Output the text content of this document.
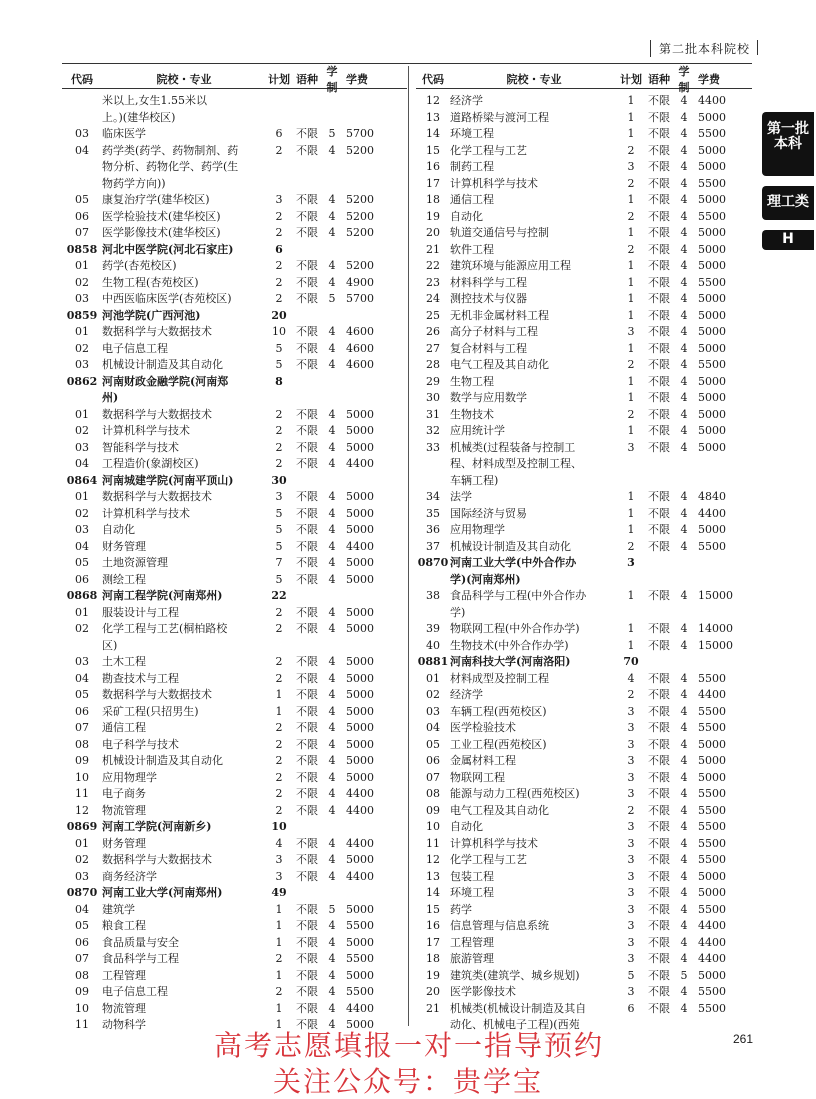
第二批本科院校
代码	院校・专业	计划 语种
学制
学费
米以上,女生1.55米以
上。)(建华校区)
03	临床医学	6	不限 5 5700
04	药学类(药学、药物制剂、药
物分析、药物化学、药学(生
物药学方向))
2	不限 4 5200
05	康复治疗学(建华校区)	3	不限 4 5200
06	医学检验技术(建华校区)	2	不限 4 5200
07	医学影像技术(建华校区)	2	不限 4 5200
0858 河北中医学院(河北石家庄)	6
01	药学(杏苑校区)	2	不限 4 5200
02	生物工程(杏苑校区)	2	不限 4 4900
03	中西医临床医学(杏苑校区)	2	不限 5 5700
0859 河池学院(广西河池)	20
01	数据科学与大数据技术	10 不限 4 4600
02	电子信息工程	5	不限 4 4600
03	机械设计制造及其自动化	5	不限 4 4600
0862 河南财政金融学院(河南郑
州)
8
01	数据科学与大数据技术	2	不限 4 5000
02	计算机科学与技术	2	不限 4 5000
03	智能科学与技术	2	不限 4 5000
04	工程造价(象湖校区)	2	不限 4 4400
0864 河南城建学院(河南平顶山)	30
01	数据科学与大数据技术	3	不限 4 5000
02	计算机科学与技术	5	不限 4 5000
03	自动化	5	不限 4 5000
04	财务管理	5	不限 4 4400
05	土地资源管理	7	不限 4 5000
06	测绘工程	5	不限 4 5000
0868 河南工程学院(河南郑州)	22
01	服装设计与工程	2	不限 4 5000
02	化学工程与工艺(桐柏路校
区)
2	不限 4 5000
03	土木工程	2	不限 4 5000
04	勘查技术与工程	2	不限 4 5000
05	数据科学与大数据技术	1	不限 4 5000
06	采矿工程(只招男生)	1	不限 4 5000
07	通信工程	2	不限 4 5000
08	电子科学与技术	2	不限 4 5000
09	机械设计制造及其自动化	2	不限 4 5000
10	应用物理学	2	不限 4 5000
11	电子商务	2	不限 4 4400
12	物流管理	2	不限 4 4400
0869 河南工学院(河南新乡)	10
01	财务管理	4	不限 4 4400
02	数据科学与大数据技术	3	不限 4 5000
03	商务经济学	3	不限 4 4400
0870 河南工业大学(河南郑州)	49
04	建筑学	1	不限 5 5000
05	粮食工程	1	不限 4 5500
06	食品质量与安全	1	不限 4 5000
07	食品科学与工程	2	不限 4 5500
08	工程管理	1	不限 4 5000
09	电子信息工程	2	不限 4 5500
10	物流管理	1	不限 4 4400
11	动物科学	1	不限 4 5000
代码	院校・专业	计划 语种
学制
学费
12 经济学	1	不限 4 4400
13 道路桥梁与渡河工程	1	不限 4 5000
14 环境工程	1	不限 4 5500
15 化学工程与工艺	2	不限 4 5000
16 制药工程	3	不限 4 5000
17 计算机科学与技术	2	不限 4 5500
18 通信工程	1	不限 4 5000
19 自动化	2	不限 4 5500
20 轨道交通信号与控制	1	不限 4 5000
21 软件工程	2	不限 4 5000
22 建筑环境与能源应用工程	1	不限 4 5000
23 材料科学与工程	1	不限 4 5500
24 测控技术与仪器	1	不限 4 5000
25 无机非金属材料工程	1	不限 4 5000
26 高分子材料与工程	3	不限 4 5000
27 复合材料与工程	1	不限 4 5000
28 电气工程及其自动化	2	不限 4 5500
29 生物工程	1	不限 4 5000
30 数学与应用数学	1	不限 4 5000
31 生物技术	2	不限 4 5000
32 应用统计学	1	不限 4 5000
33 机械类(过程装备与控制工
程、材料成型及控制工程、
车辆工程)
3	不限 4 5000
34 法学	1	不限 4 4840
35 国际经济与贸易	1	不限 4 4400
36 应用物理学	1	不限 4 5000
37 机械设计制造及其自动化	2	不限 4 5500
0870 河南工业大学(中外合作办
学)(河南郑州)
3
38 食品科学与工程(中外合作办
学)
1	不限 4 15000
39 物联网工程(中外合作办学)	1	不限 4 14000
40 生物技术(中外合作办学)	1	不限 4 15000
0881 河南科技大学(河南洛阳)	70
01 材料成型及控制工程	4	不限 4 5500
02 经济学	2	不限 4 4400
03 车辆工程(西苑校区)	3	不限 4 5500
04 医学检验技术	3	不限 4 5500
05 工业工程(西苑校区)	3	不限 4 5000
06 金属材料工程	3	不限 4 5000
07 物联网工程	3	不限 4 5000
08 能源与动力工程(西苑校区)	3	不限 4 5500
09 电气工程及其自动化	2	不限 4 5500
10 自动化	3	不限 4 5500
11 计算机科学与技术	3	不限 4 5500
12 化学工程与工艺	3	不限 4 5500
13 包装工程	3	不限 4 5000
14 环境工程	3	不限 4 5000
15 药学	3	不限 4 5500
16 信息管理与信息系统	3	不限 4 4400
17 工程管理	3	不限 4 4400
18 旅游管理	3	不限 4 4400
19 建筑类(建筑学、城乡规划)	5	不限 5 5000
20 医学影像技术	3	不限 4 5500
21 机械类(机械设计制造及其自
动化、机械电子工程)(西苑
6	不限 4 5500
第一批本科
理工类
H
261
高考志愿填报一对一指导预约
关注公众号：贵学宝
